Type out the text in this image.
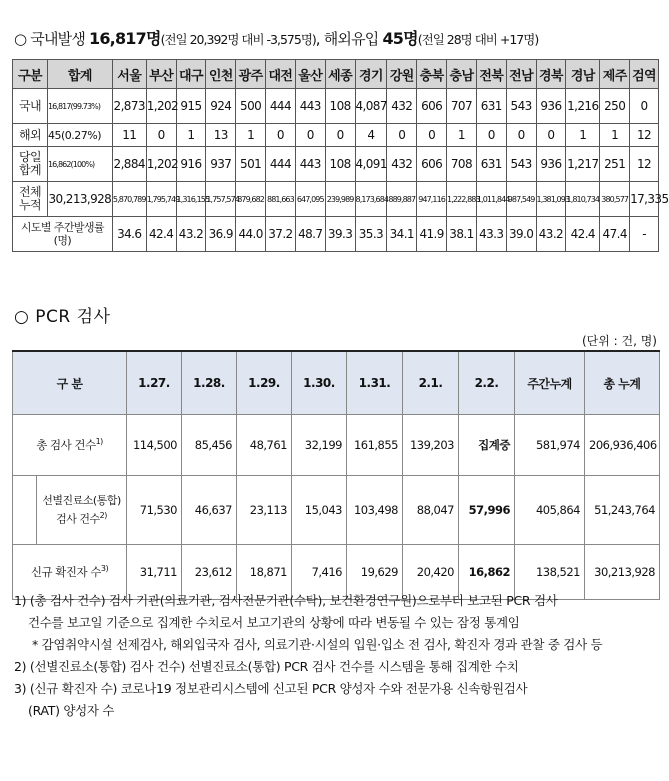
○ 국내발생 16,817명(전일 20,392명 대비 -3,575명), 해외유입 45명(전일 28명 대비 +17명)
구분	합계	서울	부산	대구	인천	광주	대전	울산	세종	경기	강원	충북	충남	전북	전남	경북	경남	제주	검역
국내	16,817(99.73%)	2,873	1,202	915	924	500	444	443	108	4,087	432	606	707	631	543	936	1,216	250	0
해외	45(0.27%)	11	0	1	13	1	0	0	0	4	0	0	1	0	0	0	1	1	12
당일 합계	16,862(100%)	2,884	1,202	916	937	501	444	443	108	4,091	432	606	708	631	543	936	1,217	251	12
전체 누적	30,213,928	5,870,789	1,795,749	1,316,155	1,757,574	879,682	881,663	647,095	239,989	8,173,684	889,887	947,116	1,222,883	1,011,844	987,549	1,381,093	1,810,734	380,577	17,335
시도별 주간발생률(명)		34.6	42.4	43.2	36.9	44.0	37.2	48.7	39.3	35.3	34.1	41.9	38.1	43.3	39.0	43.2	42.4	47.4	-
○ PCR 검사
(단위 : 건, 명)
구 분		1.27.	1.28.	1.29.	1.30.	1.31.	2.1.	2.2.	주간누계	총 누계
총 검사 건수$^{1)}$		114,500	85,456	48,761	32,199	161,855	139,203	집계중	581,974	206,936,406
	선별진료소(통합) 검사 건수$^{2)}$	71,530	46,637	23,113	15,043	103,498	88,047	57,996	405,864	51,243,764
신규 확진자 수$^{3)}$		31,711	23,612	18,871	7,416	19,629	20,420	16,862	138,521	30,213,928

1) (총 검사 건수) 검사 기관(의료기관, 검사전문기관(수탁), 보건환경연구원)으로부터 보고된 PCR 검사

건수를 보고일 기준으로 집계한 수치로서 보고기관의 상황에 따라 변동될 수 있는 잠정 통계임

* 감염취약시설 선제검사, 해외입국자 검사, 의료기관·시설의 입원·입소 전 검사, 확진자 경과 관찰 중 검사 등

2) (선별진료소(통합) 검사 건수) 선별진료소(통합) PCR 검사 건수를 시스템을 통해 집계한 수치

3) (신규 확진자 수) 코로나19 정보관리시스템에 신고된 PCR 양성자 수와 전문가용 신속항원검사

(RAT) 양성자 수
